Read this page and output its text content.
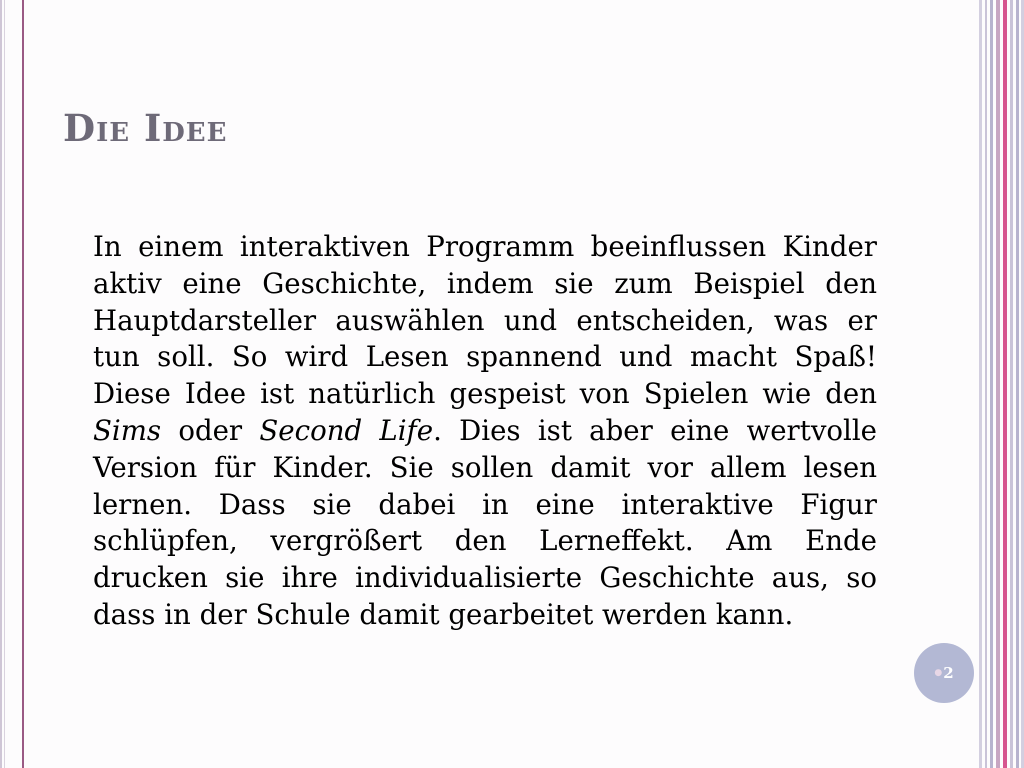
Die Idee

In einem interaktiven Programm beeinflussen Kinder aktiv eine Geschichte, indem sie zum Beispiel den Hauptdarsteller auswählen und entscheiden, was er tun soll. So wird Lesen spannend und macht Spaß! Diese Idee ist natürlich gespeist von Spielen wie den Sims oder Second Life. Dies ist aber eine wertvolle Version für Kinder. Sie sollen damit vor allem lesen lernen. Dass sie dabei in eine interaktive Figur schlüpfen, vergrößert den Lerneffekt. Am Ende drucken sie ihre individualisierte Geschichte aus, so dass in der Schule damit gearbeitet werden kann.

● 2
